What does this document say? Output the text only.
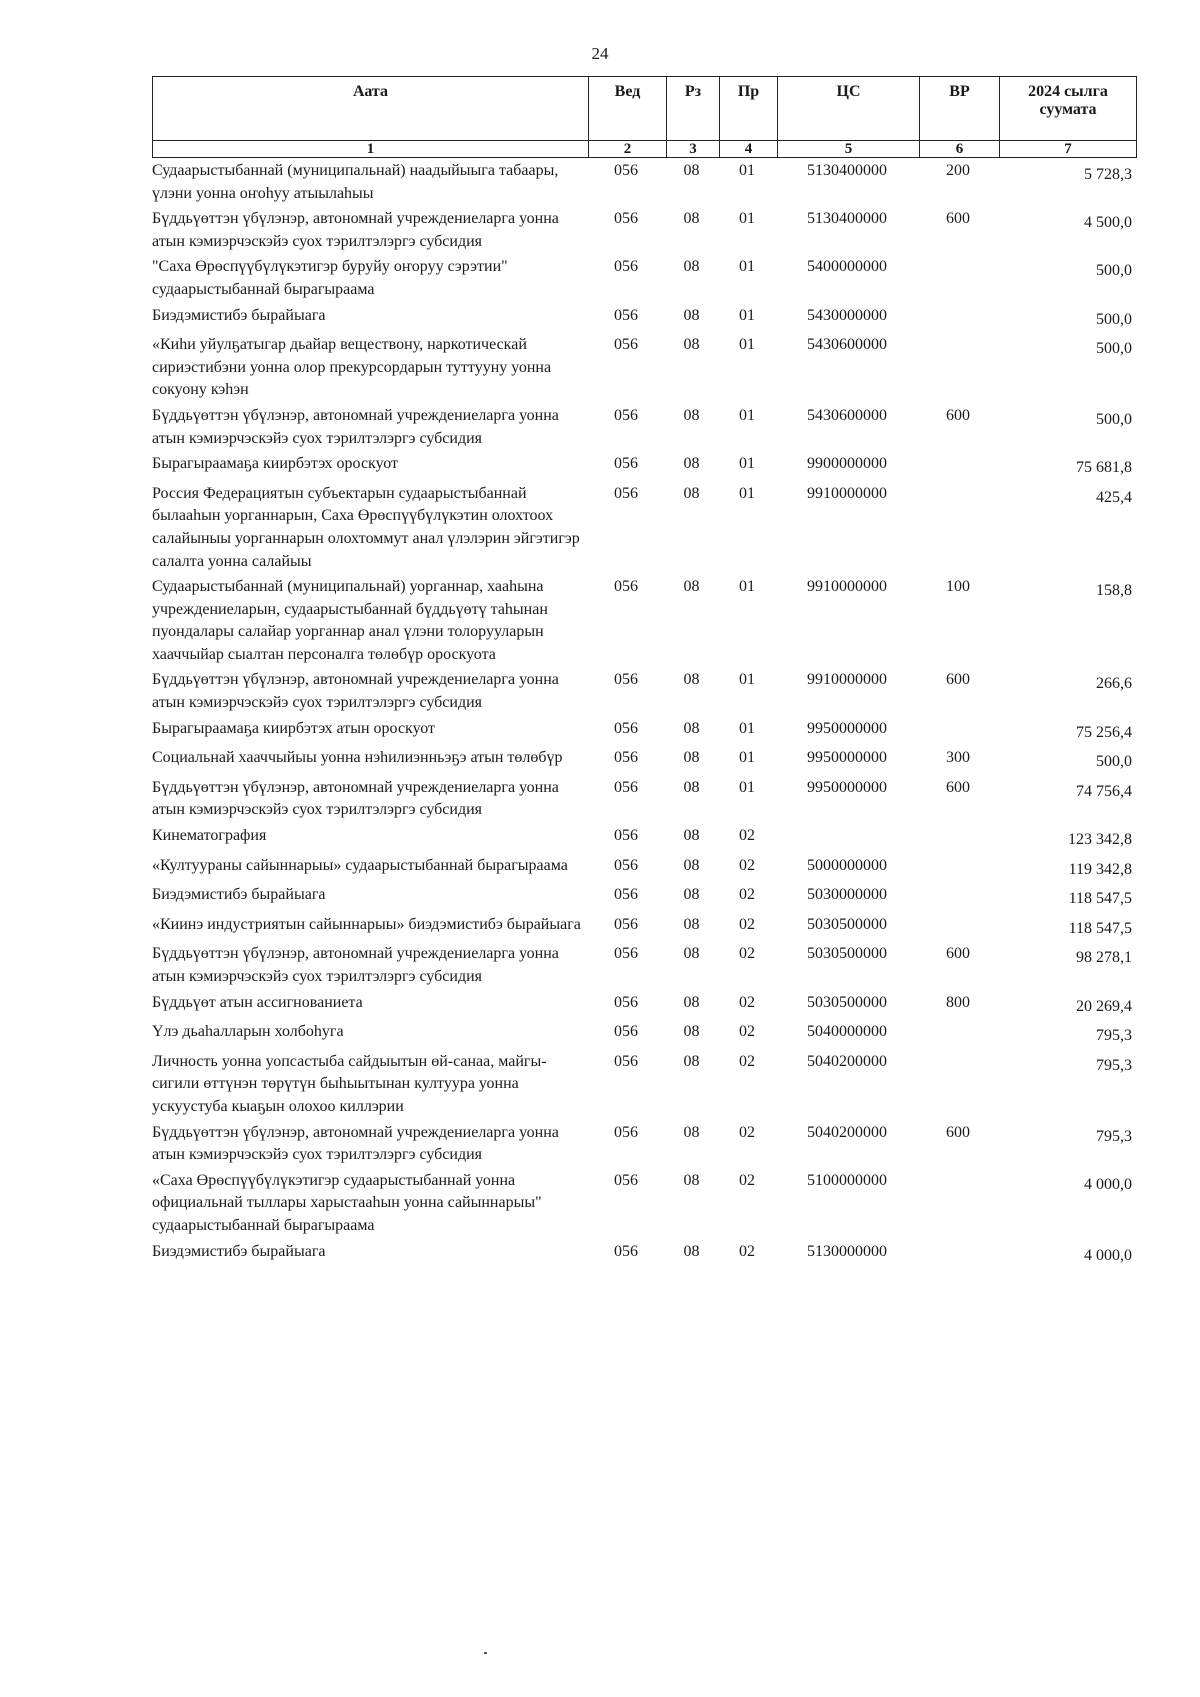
24
Аата	Вед	Рз	Пр	ЦС	ВР	2024 сылга суумата
1	2	3	4	5	6	7
Судаарыстыбаннай (муниципальнай) наадыйыыга табаары, үлэни уонна оҥоһуу атыылаһыы	056	08	01	5130400000	200	5 728,3
Бүддьүөттэн үбүлэнэр, автономнай учреждениеларга уонна атын кэмиэрчэскэйэ суох тэрилтэлэргэ субсидия	056	08	01	5130400000	600	4 500,0
"Саха Өрөспүүбүлүкэтигэр буруйу оҥоруу сэрэтии" судаарыстыбаннай бырагыраама	056	08	01	5400000000		500,0
Биэдэмистибэ бырайыага	056	08	01	5430000000		500,0
«Киһи уйулҕатыгар дьайар веществону, наркотическай сириэстибэни уонна олор прекурсордарын туттууну уонна сокуону кэһэн	056	08	01	5430600000		500,0
Бүддьүөттэн үбүлэнэр, автономнай учреждениеларга уонна атын кэмиэрчэскэйэ суох тэрилтэлэргэ субсидия	056	08	01	5430600000	600	500,0
Бырагыраамаҕа киирбэтэх ороскуот	056	08	01	9900000000		75 681,8
Россия Федерациятын субъектарын судаарыстыбаннай былааһын уорганнарын, Саха Өрөспүүбүлүкэтин олохтоох салайыныы уорганнарын олохтоммут анал үлэлэрин эйгэтигэр салалта уонна салайыы	056	08	01	9910000000		425,4
Судаарыстыбаннай (муниципальнай) уорганнар, хааһына учреждениеларын, судаарыстыбаннай бүддьүөтү таһынан пуондалары салайар уорганнар анал үлэни толорууларын хааччыйар сыалтан персоналга төлөбүр ороскуота	056	08	01	9910000000	100	158,8
Бүддьүөттэн үбүлэнэр, автономнай учреждениеларга уонна атын кэмиэрчэскэйэ суох тэрилтэлэргэ субсидия	056	08	01	9910000000	600	266,6
Бырагыраамаҕа киирбэтэх атын ороскуот	056	08	01	9950000000		75 256,4
Социальнай хааччыйыы уонна нэһилиэнньэҕэ атын төлөбүр	056	08	01	9950000000	300	500,0
Бүддьүөттэн үбүлэнэр, автономнай учреждениеларга уонна атын кэмиэрчэскэйэ суох тэрилтэлэргэ субсидия	056	08	01	9950000000	600	74 756,4
Кинематография	056	08	02			123 342,8
«Култуураны сайыннарыы» судаарыстыбаннай бырагыраама	056	08	02	5000000000		119 342,8
Биэдэмистибэ бырайыага	056	08	02	5030000000		118 547,5
«Киинэ индустриятын сайыннарыы» биэдэмистибэ бырайыага	056	08	02	5030500000		118 547,5
Бүддьүөттэн үбүлэнэр, автономнай учреждениеларга уонна атын кэмиэрчэскэйэ суох тэрилтэлэргэ субсидия	056	08	02	5030500000	600	98 278,1
Бүддьүөт атын ассигнованиета	056	08	02	5030500000	800	20 269,4
Үлэ дьаһалларын холбоһуга	056	08	02	5040000000		795,3
Личность уонна уопсастыба сайдыытын өй-санаа, майгы-сигили өттүнэн төрүтүн быһыытынан култуура уонна ускуустуба кыаҕын олохоо киллэрии	056	08	02	5040200000		795,3
Бүддьүөттэн үбүлэнэр, автономнай учреждениеларга уонна атын кэмиэрчэскэйэ суох тэрилтэлэргэ субсидия	056	08	02	5040200000	600	795,3
«Саха Өрөспүүбүлүкэтигэр судаарыстыбаннай уонна официальнай тыллары харыстааһын уонна сайыннарыы" судаарыстыбаннай бырагыраама	056	08	02	5100000000		4 000,0
Биэдэмистибэ бырайыага	056	08	02	5130000000		4 000,0
